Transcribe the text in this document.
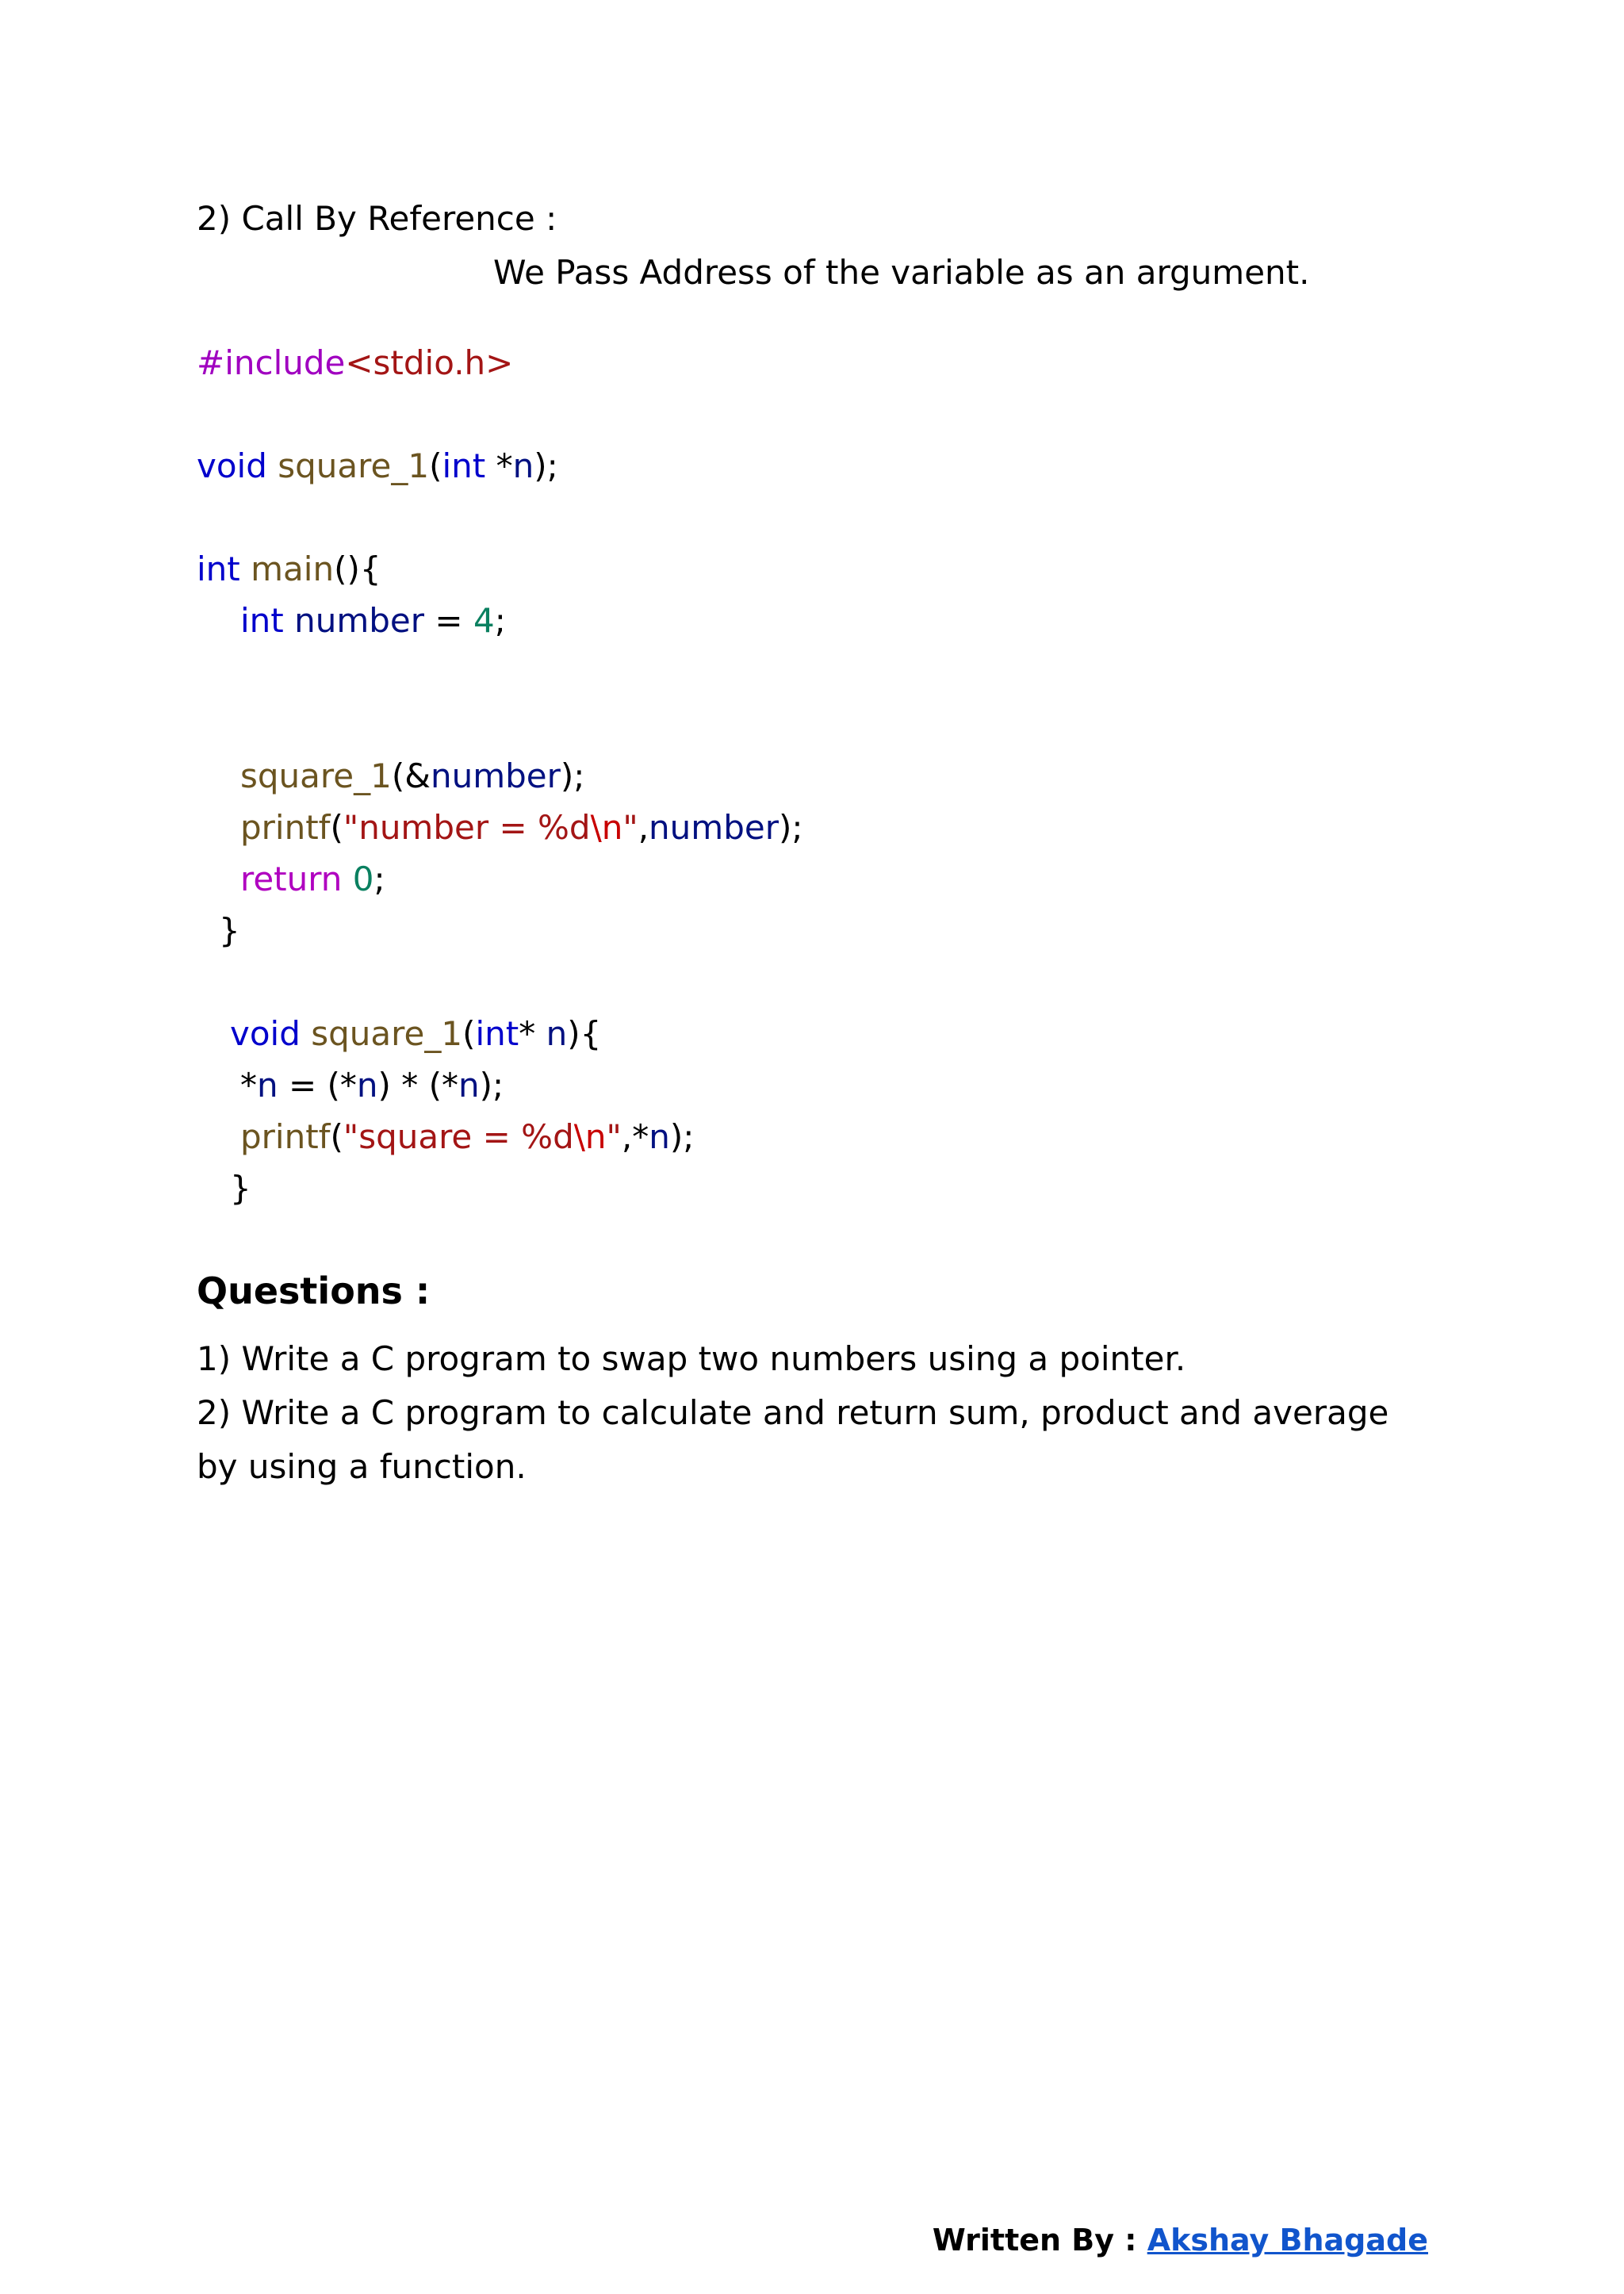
2) Call By Reference :
We Pass Address of the variable as an argument.
#include<stdio.h>
void square_1(int *n);
int main(){
int number = 4;
square_1(&number);
printf("number = %d\n",number);
return 0;
}
void square_1(int* n){
*n = (*n) * (*n);
printf("square = %d\n",*n);
}
Questions :
1) Write a C program to swap two numbers using a pointer.
2) Write a C program to calculate and return sum, product and average by using a function.
Written By : Akshay Bhagade
